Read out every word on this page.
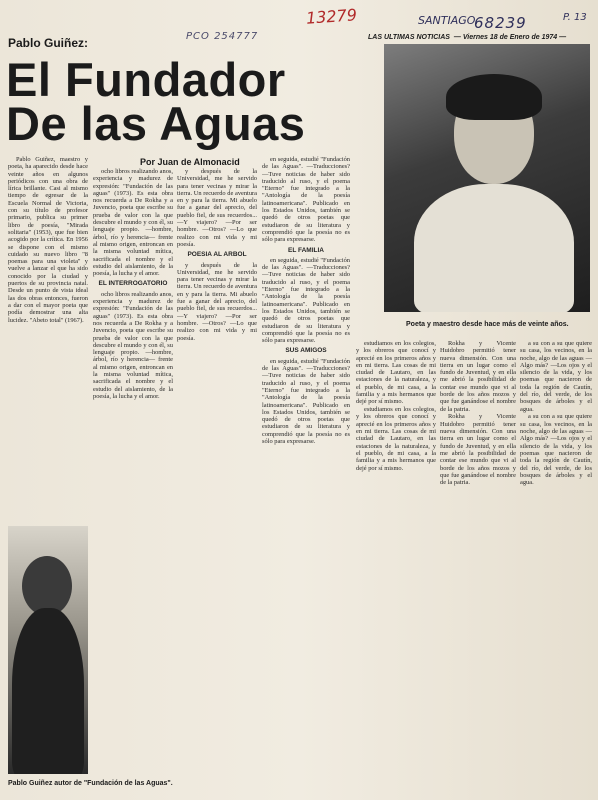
13279
PCO 254777
SANTIAGO.
68239	P. 13
Pablo Guiñez:	LAS ULTIMAS NOTICIAS — Viernes 18 de Enero de 1974 —
El Fundador
De las Aguas
Por Juan de Almonacid

Pablo Guiñez, maestro y poeta, ha aparecido desde hace veinte años en algunos periódicos con una obra de lírica brillante. Casi al mismo tiempo de egresar de la Escuela Normal de Victoria, con su título de profesor primario, publica su primer libro de poesía, "Mirada solitaria" (1953), que fue bien acogido por la crítica. En 1956 se dispone con el mismo cuidado su nuevo libro "8 poemas para una violeta" y vuelve a lanzar el que ha sido conocido por la ciudad y puertos de su provincia natal. Desde un punto de vista ideal las dos obras entonces, fueron a dar con el mayor poeta que podía demostrar una alta lucidez. "Abeto total" (1967).

ocho libros realizando anos, experiencia y madurez de expresión: "Fundación de las aguas" (1973). Es esta obra nos recuerda a De Rokha y a Juvencio, poeta que escribe su prueba de valor con la que descubre el mundo y con él, su lenguaje propio. —hombre, árbol, río y herencia— frente al mismo origen, entroncan en la misma voluntad mítica, sacrificada el nombre y el estudio del aislamiento, de la poesía, la lucha y el amor.

EL INTERROGATORIO

ocho libros realizando anos, experiencia y madurez de expresión: "Fundación de las aguas" (1973). Es esta obra nos recuerda a De Rokha y a Juvencio, poeta que escribe su prueba de valor con la que descubre el mundo y con él, su lenguaje propio. —hombre, árbol, río y herencia— frente al mismo origen, entroncan en la misma voluntad mítica, sacrificada el nombre y el estudio del aislamiento, de la poesía, la lucha y el amor.

y después de la Universidad, me he servido para tener vecinas y mirar la tierra. Un recuerdo de aventura en y para la tierra. Mi abuelo fue a ganar del aprecio, del pueblo fiel, de sus recuerdos... —Y viajero? —Por ser hombre. —Otros? —Lo que realizo con mi vida y mi poesía.

POESIA AL ARBOL

y después de la Universidad, me he servido para tener vecinas y mirar la tierra. Un recuerdo de aventura en y para la tierra. Mi abuelo fue a ganar del aprecio, del pueblo fiel, de sus recuerdos... —Y viajero? —Por ser hombre. —Otros? —Lo que realizo con mi vida y mi poesía.

en seguida, estudié "Fundación de las Aguas". —Traducciones? —Tuve noticias de haber sido traducido al ruso, y el poema "Eterno" fue integrado a la "Antología de la poesía latinoamericana". Publicado en los Estados Unidos, también se quedó de otros poetas que estudiaron de su literatura y comprendió que la poesía no es sólo para expresarse.

EL FAMILIA

en seguida, estudié "Fundación de las Aguas". —Traducciones? —Tuve noticias de haber sido traducido al ruso, y el poema "Eterno" fue integrado a la "Antología de la poesía latinoamericana". Publicado en los Estados Unidos, también se quedó de otros poetas que estudiaron de su literatura y comprendió que la poesía no es sólo para expresarse.

SUS AMIGOS

en seguida, estudié "Fundación de las Aguas". —Traducciones? —Tuve noticias de haber sido traducido al ruso, y el poema "Eterno" fue integrado a la "Antología de la poesía latinoamericana". Publicado en los Estados Unidos, también se quedó de otros poetas que estudiaron de su literatura y comprendió que la poesía no es sólo para expresarse.

Poeta y maestro desde hace más de veinte años.

estudiamos en los colegios, y los obreros que conocí y aprecié en los primeros años y en mi tierra. Las cosas de mi ciudad de Lautaro, en las estaciones de la naturaleza, y el pueblo, de mi casa, a la familia y a mis hermanos que dejé por sí mismo.

estudiamos en los colegios, y los obreros que conocí y aprecié en los primeros años y en mi tierra. Las cosas de mi ciudad de Lautaro, en las estaciones de la naturaleza, y el pueblo, de mi casa, a la familia y a mis hermanos que dejé por sí mismo.

Rokha y Vicente Huidobro permitió tener nueva dimensión. Con una tierra en un lugar como el fundo de Juventud, y en ella me abrió la posibilidad de contar ese mundo que vi al borde de los años mozos y que fue ganándose el nombre de la patria.

Rokha y Vicente Huidobro permitió tener nueva dimensión. Con una tierra en un lugar como el fundo de Juventud, y en ella me abrió la posibilidad de contar ese mundo que vi al borde de los años mozos y que fue ganándose el nombre de la patria.

a su con a su que quiere su casa, los vecinos, en la noche, algo de las aguas —Algo más? —Los ojos y el silencio de la vida, y los poemas que nacieron de toda la región de Cautín, del río, del verde, de los bosques de árboles y el agua.

a su con a su que quiere su casa, los vecinos, en la noche, algo de las aguas —Algo más? —Los ojos y el silencio de la vida, y los poemas que nacieron de toda la región de Cautín, del río, del verde, de los bosques de árboles y el agua.

Pablo Guiñez autor de "Fundación de las Aguas".
